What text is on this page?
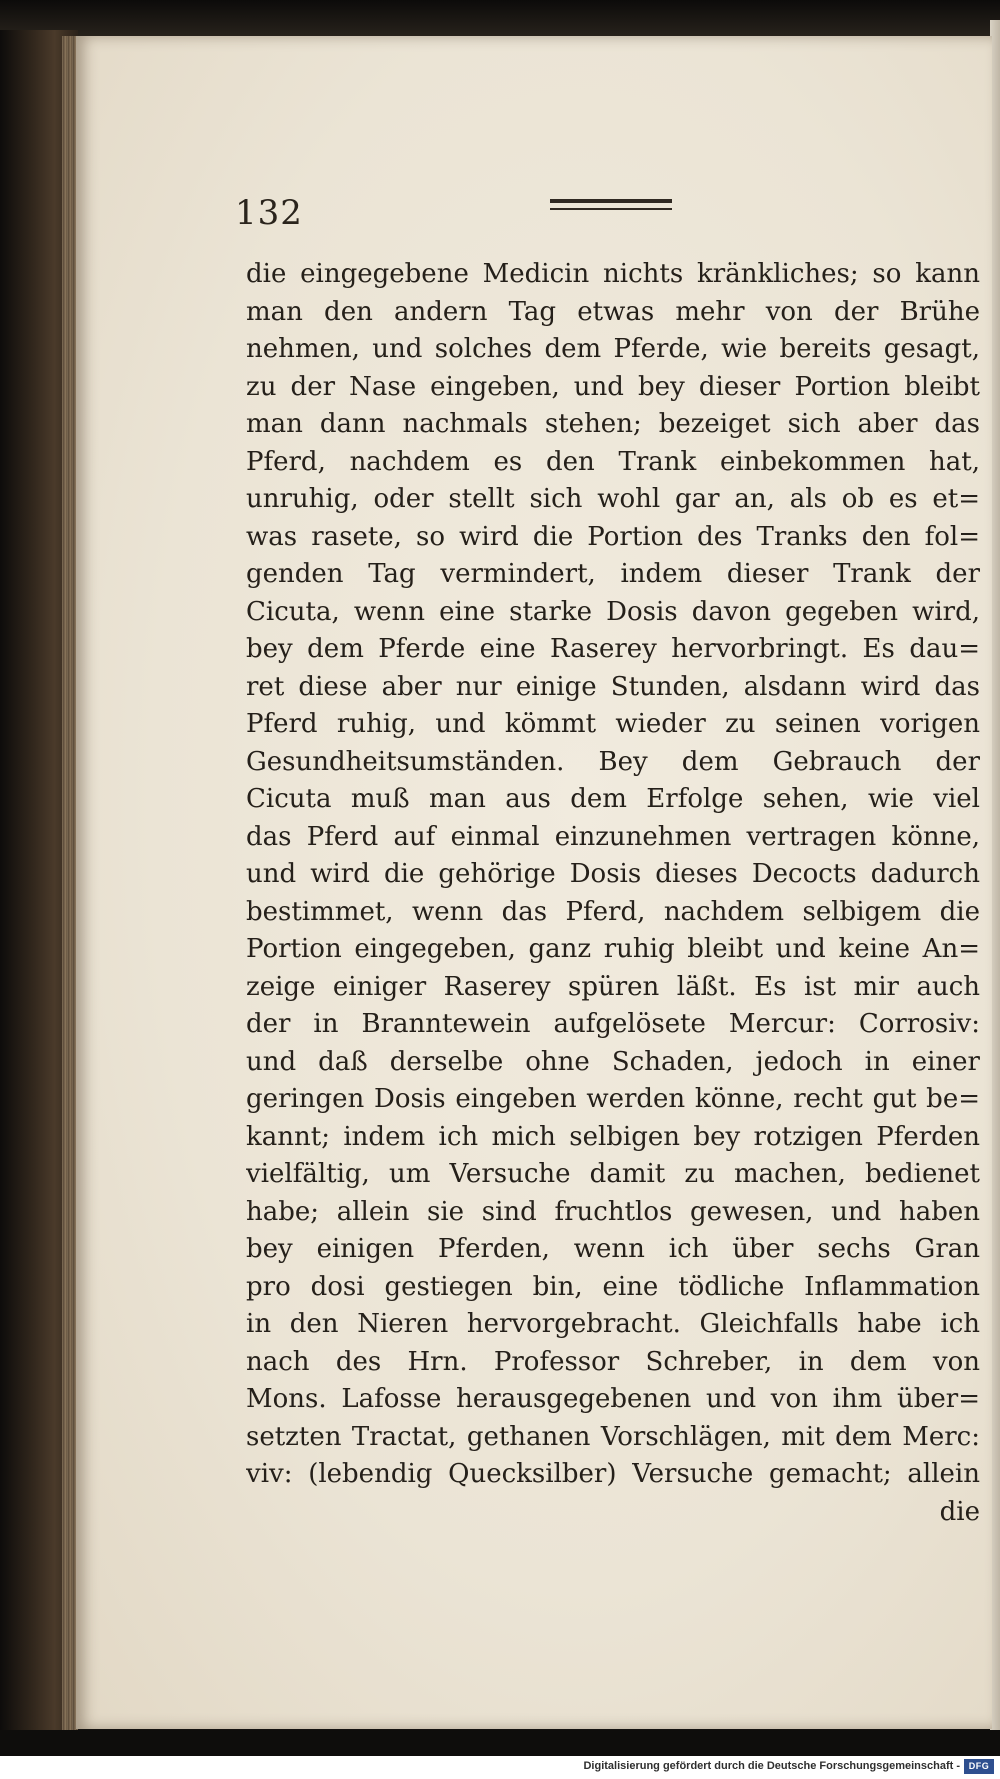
132
die eingegebene Medicin nichts kränkliches; so kann
man den andern Tag etwas mehr von der Brühe
nehmen, und solches dem Pferde, wie bereits gesagt,
zu der Nase eingeben, und bey dieser Portion bleibt
man dann nachmals stehen; bezeiget sich aber das
Pferd, nachdem es den Trank einbekommen hat,
unruhig, oder stellt sich wohl gar an, als ob es et=
was rasete, so wird die Portion des Tranks den fol=
genden Tag vermindert, indem dieser Trank der
Cicuta, wenn eine starke Dosis davon gegeben wird,
bey dem Pferde eine Raserey hervorbringt. Es dau=
ret diese aber nur einige Stunden, alsdann wird das
Pferd ruhig, und kömmt wieder zu seinen vorigen
Gesundheitsumständen. Bey dem Gebrauch der
Cicuta muß man aus dem Erfolge sehen, wie viel
das Pferd auf einmal einzunehmen vertragen könne,
und wird die gehörige Dosis dieses Decocts dadurch
bestimmet, wenn das Pferd, nachdem selbigem die
Portion eingegeben, ganz ruhig bleibt und keine An=
zeige einiger Raserey spüren läßt. Es ist mir auch
der in Branntewein aufgelösete Mercur: Corrosiv:
und daß derselbe ohne Schaden, jedoch in einer
geringen Dosis eingeben werden könne, recht gut be=
kannt; indem ich mich selbigen bey rotzigen Pferden
vielfältig, um Versuche damit zu machen, bedienet
habe; allein sie sind fruchtlos gewesen, und haben
bey einigen Pferden, wenn ich über sechs Gran
pro dosi gestiegen bin, eine tödliche Inflammation
in den Nieren hervorgebracht. Gleichfalls habe ich
nach des Hrn. Professor Schreber, in dem von
Mons. Lafosse herausgegebenen und von ihm über=
setzten Tractat, gethanen Vorschlägen, mit dem Merc:
viv: (lebendig Quecksilber) Versuche gemacht; allein
die
Digitalisierung gefördert durch die Deutsche Forschungsgemeinschaft - DFG
